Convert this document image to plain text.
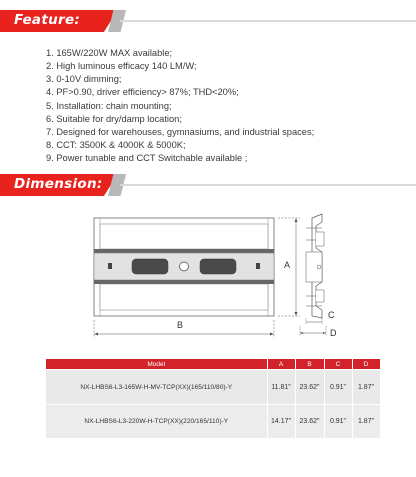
Feature:
1. 165W/220W MAX available;
2. High luminous efficacy 140 LM/W;
3. 0-10V dimming;
4. PF>0.90, driver efficiency> 87%; THD<20%;
5. Installation: chain mounting;
6. Suitable for dry/damp location;
7. Designed for warehouses, gymnasiums, and industrial spaces;
8. CCT: 3500K & 4000K & 5000K;
9. Power tunable and CCT Switchable available ;
Dimension:
A
B
C
D
Model	A	B	C	D
NX-LHBS6-L3-165W-H-MV-TCP(XX)(165/110/80)-Y	11.81"	23.62"	0.91"	1.87"
NX-LHBS6-L3-220W-H-TCP(XX)(220/165/110)-Y	14.17"	23.62"	0.91"	1.87"
